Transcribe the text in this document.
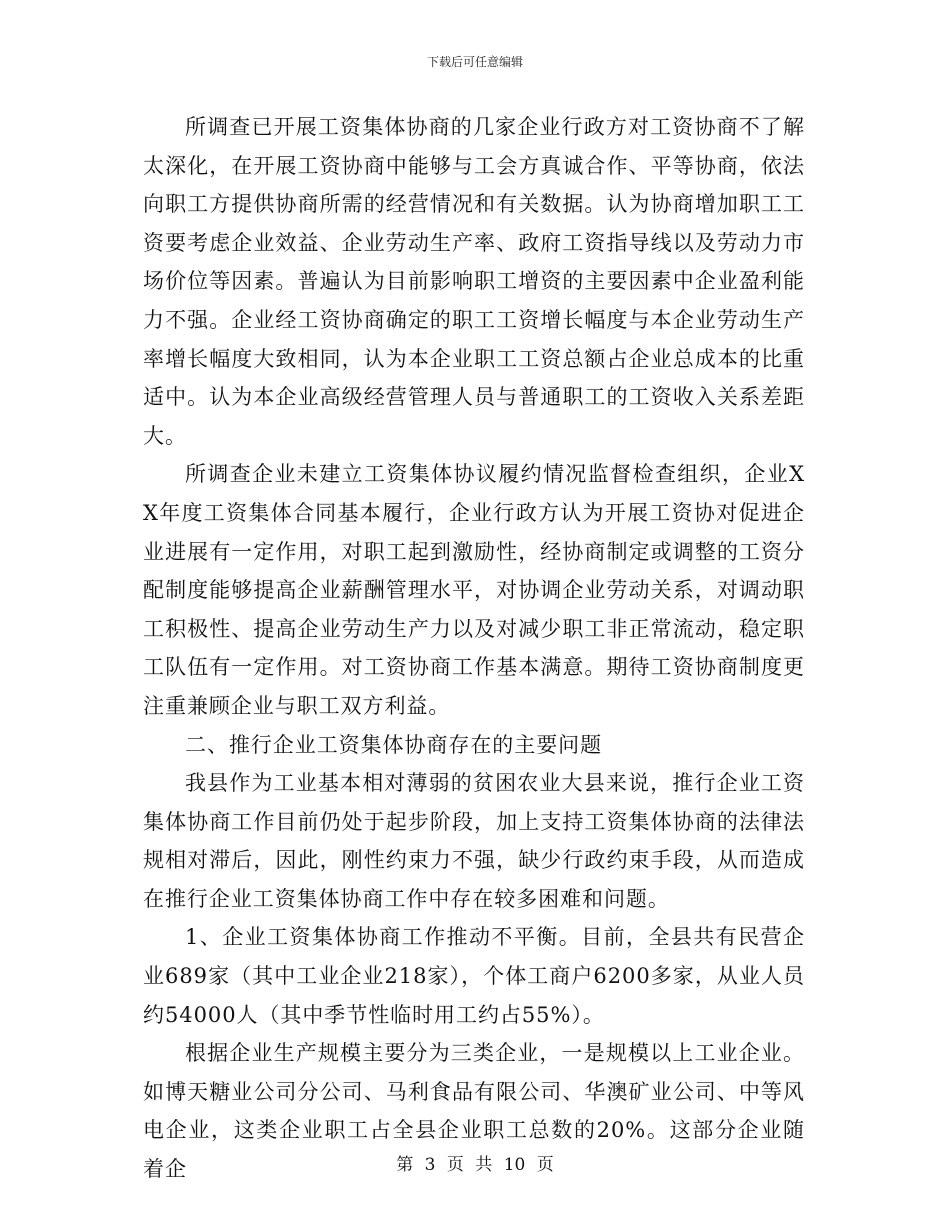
下载后可任意编辑

所调查已开展工资集体协商的几家企业行政方对工资协商不了解太深化，在开展工资协商中能够与工会方真诚合作、平等协商，依法向职工方提供协商所需的经营情况和有关数据。认为协商增加职工工资要考虑企业效益、企业劳动生产率、政府工资指导线以及劳动力市场价位等因素。普遍认为目前影响职工增资的主要因素中企业盈利能力不强。企业经工资协商确定的职工工资增长幅度与本企业劳动生产率增长幅度大致相同，认为本企业职工工资总额占企业总成本的比重适中。认为本企业高级经营管理人员与普通职工的工资收入关系差距大。

所调查企业未建立工资集体协议履约情况监督检查组织，企业XX年度工资集体合同基本履行，企业行政方认为开展工资协对促进企业进展有一定作用，对职工起到激励性，经协商制定或调整的工资分配制度能够提高企业薪酬管理水平，对协调企业劳动关系，对调动职工积极性、提高企业劳动生产力以及对减少职工非正常流动，稳定职工队伍有一定作用。对工资协商工作基本满意。期待工资协商制度更注重兼顾企业与职工双方利益。

二、推行企业工资集体协商存在的主要问题

我县作为工业基本相对薄弱的贫困农业大县来说，推行企业工资集体协商工作目前仍处于起步阶段，加上支持工资集体协商的法律法规相对滞后，因此，刚性约束力不强，缺少行政约束手段，从而造成在推行企业工资集体协商工作中存在较多困难和问题。

1、企业工资集体协商工作推动不平衡。目前，全县共有民营企业689家（其中工业企业218家），个体工商户6200多家，从业人员约54000人（其中季节性临时用工约占55%）。

根据企业生产规模主要分为三类企业，一是规模以上工业企业。如博天糖业公司分公司、马利食品有限公司、华澳矿业公司、中等风电企业，这类企业职工占全县企业职工总数的20%。这部分企业随着企	第 3 页 共 10 页
